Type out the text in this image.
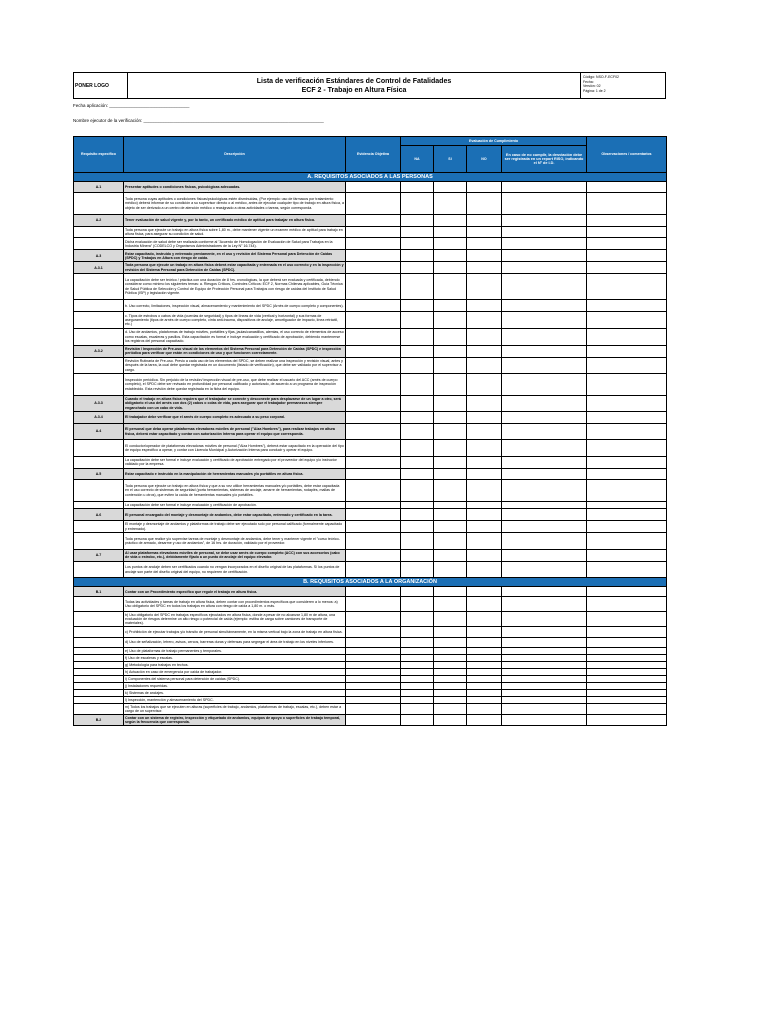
PONER LOGO
Lista de verificación Estándares de Control de Fatalidades
ECF 2 - Trabajo en Altura Física
Código: NSO-F-ECF02
Fecha:
Versión: 02
Página: 1 de 2
Fecha aplicación: ________________________________
Nombre ejecutor de la verificación: ________________________________________________________________________
Requisito especifico	Descripción	Evidencia Objetiva	Evaluación de Cumplimiento				Observaciones / comentarios
			NA	SI	NO	En caso de no cumplir, la desviación debe ser registrada en un report RISO, indicando el Nº de I.D.	
A. REQUISITOS ASOCIADOS A LAS PERSONAS							
A.1	Presentar aptitudes o condiciones físicas, psicológicas adecuadas.						
	Toda persona cuyas aptitudes o condiciones físicas/psicológicas estén disminuidas, (Por ejemplo: uso de fármacos por tratamiento médico) deberá informar de su condición a su supervisor directo o al médico, antes de ejecutar cualquier tipo de trabajo en altura física, a objeto de ser derivado a un centro de atención médico o reasignado a otras actividades o tareas, según corresponda.						
A.2	Tener evaluación de salud vigente y, por lo tanto, un certificado médico de aptitud para trabajar en altura física.						
	Toda persona que ejecute un trabajo en altura física sobre 1,80 m., debe mantener vigente un examen médico de aptitud para trabajo en altura física, para asegurar su condición de salud.						
	Dicha evaluación de salud debe ser realizada conforme al "Acuerdo de Homologación de Evaluación de Salud para Trabajos en la Industria Minera" (CODELCO y Organismos Administradores de la Ley N° 16.744).						
A.3	Estar capacitado, instruido y entrenado previamente, en el uso y revisión del Sistema Personal para Detención de Caídas (SPDC) y Trabajos en Altura con riesgo de caída.						
A.3.1	Toda persona que ejecute un trabajo en altura física deberá estar capacitada y entrenada en el uso correcto y en la inspección y revisión del Sistema Personal para Detención de Caídas (SPDC).						
	La capacitación debe ser teórico / práctica con una duración de 8 hrs. cronológicas, la que deberá ser evaluada y certificada, debiendo considerar como mínimo los siguientes temas: a. Riesgos Críticos, Controles Críticos: ECF 2, Normas Chilenas aplicables, Guía Técnica de Salud Pública de Selección y Control de Equipo de Protección Personal para Trabajos con riesgo de caídas del Instituto de Salud Pública (ISP) y legislación vigente.						
	b. Uso correcto, limitaciones, inspección visual, almacenamiento y mantenimiento del SPDC (Arnés de cuerpo completo y componentes).						
	c. Tipos de estrobos o cabos de vida (cuerdas de seguridad) y tipos de líneas de vida (vertical y horizontal) y sus formas de aseguramiento (tipos de arnés de cuerpo completo, cinta anti-trauma, dispositivos de anclaje, amortiguador de impacto, línea retráctil, etc.)						
	d. Uso de andamios, plataformas de trabajo móviles, portátiles y fijas, jaulas/canastillos, alemias, el uso correcto de elementos de acceso como escalas, escaleras y pasillos. Esta capacitación es formal e incluye evaluación y certificado de aprobación, debiendo mantenerse los registros del personal capacitado.						
A.3.2	Revisión / Inspección de Pre-uso visual de los elementos del Sistema Personal para Detención de Caídas (SPDC) e inspección periódica para verificar que están en condiciones de uso y que funcionen correctamente.						
	Revisión Rutinaria de Pre-uso. Previo a cada uso de los elementos del SPDC, se deben realizar una inspección y revisión visual, antes y después de la tarea, la cual debe quedar registrada en un documento (listado de verificación), que debe ser validado por el supervisor a cargo.						
	Inspección periódica. Sin perjuicio de la revisión/ inspección visual de pre-uso, que debe realizar el usuario del ACC (arnés de cuerpo completo), el SPDC debe ser revisado en profundidad por personal calificado y autorizado, de acuerdo a un programa de inspección establecido. Esta revisión debe quedar registrada en la ficha del equipo.						
A.3.3	Cuando el trabajo en altura física requiera que el trabajador se conecte y desconecte para desplazarse de un lugar a otro, será obligatorio el uso del arnés con dos (2) cabos o colas de vida, para asegurar que el trabajador permanezca siempre enganchado con un cabo de vida.						
A.3.4	El trabajador debe verificar que el arnés de cuerpo completo es adecuado a su peso corporal.						
A.4	El personal que deba operar plataformas elevadoras móviles de personal ("Alza Hombres"), para realizar trabajos en altura física, deberá estar capacitado y contar con autorización Interna para operar el equipo que corresponda.						
	El conductor/operador de plataformas elevadoras móviles de personal ("Alza Hombres"), deberá estar capacitado en la operación del tipo de equipo específico a operar, y contar con Licencia Municipal y Autorización Interna para conducir y operar el equipo.						
	La capacitación debe ser formal e incluye evaluación y certificado de aprobación entregado por el proveedor del equipo y/o instructor validado por la empresa.						
A.5	Estar capacitado e instruido en la manipulación de herramientas manuales y/o portátiles en altura física.						
	Toda persona que ejecute un trabajo en altura física y que a su vez utilice herramientas manuales y/o portátiles, debe estar capacitada en el uso correcto de sistemas de seguridad (porta herramientas, sistemas de anclaje, amarre de herramientas, rodapiés, mallas de contención u otros), que eviten la caída de herramientas manuales y/o portátiles.						
	La capacitación debe ser formal e incluye evaluación y certificación de aprobación.						
A.6	El personal encargado del montaje y desmontaje de andamios, debe estar capacitado, entrenado y certificado en la tarea.						
	El montaje y desmontaje de andamios y plataformas de trabajo debe ser ejecutado solo por personal calificado (formalmente capacitado y entrenado).						
	Toda persona que realice y/o supervise tareas de montaje y desmontaje de andamios, debe tener y mantener vigente el "curso teórico-práctico de armado, desarme y uso de andamios", de 16 hrs. de duración, validado por el proveedor.						
A.7	Al usar plataformas elevadoras móviles de personal, se debe usar arnés de cuerpo completo (ACC) con sus accesorios (cabo de vida o estrobo, etc.), debidamente fijado a un punto de anclaje del equipo elevador.						
	Los puntos de anclaje deben ser certificados cuando no vengan incorporados en el diseño original de las plataformas. Si los puntos de anclaje son parte del diseño original del equipo, no requieren de certificación.						
B. REQUISITOS ASOCIADOS A LA ORGANIZACIÓN							
B.1	Contar con un Procedimiento específico que regule el trabajo en altura física.						
	Todas las actividades y tareas de trabajo en altura física, deben contar con procedimientos específicos que consideren a lo menos: a) Uso obligatorio del SPDC en todos los trabajos en altura con riesgo de caída a 1,80 m. o más.						
	b) Uso obligatorio del SPDC en trabajos específicos ejecutados en altura física, donde a pesar de no alcanzar 1,80 m de altura, una evaluación de riesgos determine un alto riesgo o potencial de caída (ejemplo: estiba de carga sobre camiones de transporte de materiales).						
	c) Prohibición de ejecutar trabajos y/o tránsito de personal simultáneamente, en la misma vertical bajo la zona de trabajo en altura física.						
	d) Uso de señalización, letrero, avisos, cercos, barreras duras y defensas para segregar el área de trabajo en los niveles inferiores.						
	e) Uso de plataformas de trabajo permanentes y temporales.						
	f) Uso de escaleras y escalas.						
	g) Metodología para trabajos en techos.						
	h) Actuación en caso de emergencia por caída de trabajador.						
	i) Componentes del sistema personal para detención de caídas (SPDC).						
	j) Instalaciones requeridas.						
	k) Sistemas de anclajes.						
	l) Inspección, mantención y almacenamiento del SPDC.						
	m) Todos los trabajos que se ejecuten en alturas (superficies de trabajo, andamios, plataformas de trabajo, escalas, etc.), deben estar a cargo de un supervisor.						
B.2	Contar con un sistema de registro, inspección y etiquetado de andamios, equipos de apoyo o superficies de trabajo temporal, según la frecuencia que corresponda.						
